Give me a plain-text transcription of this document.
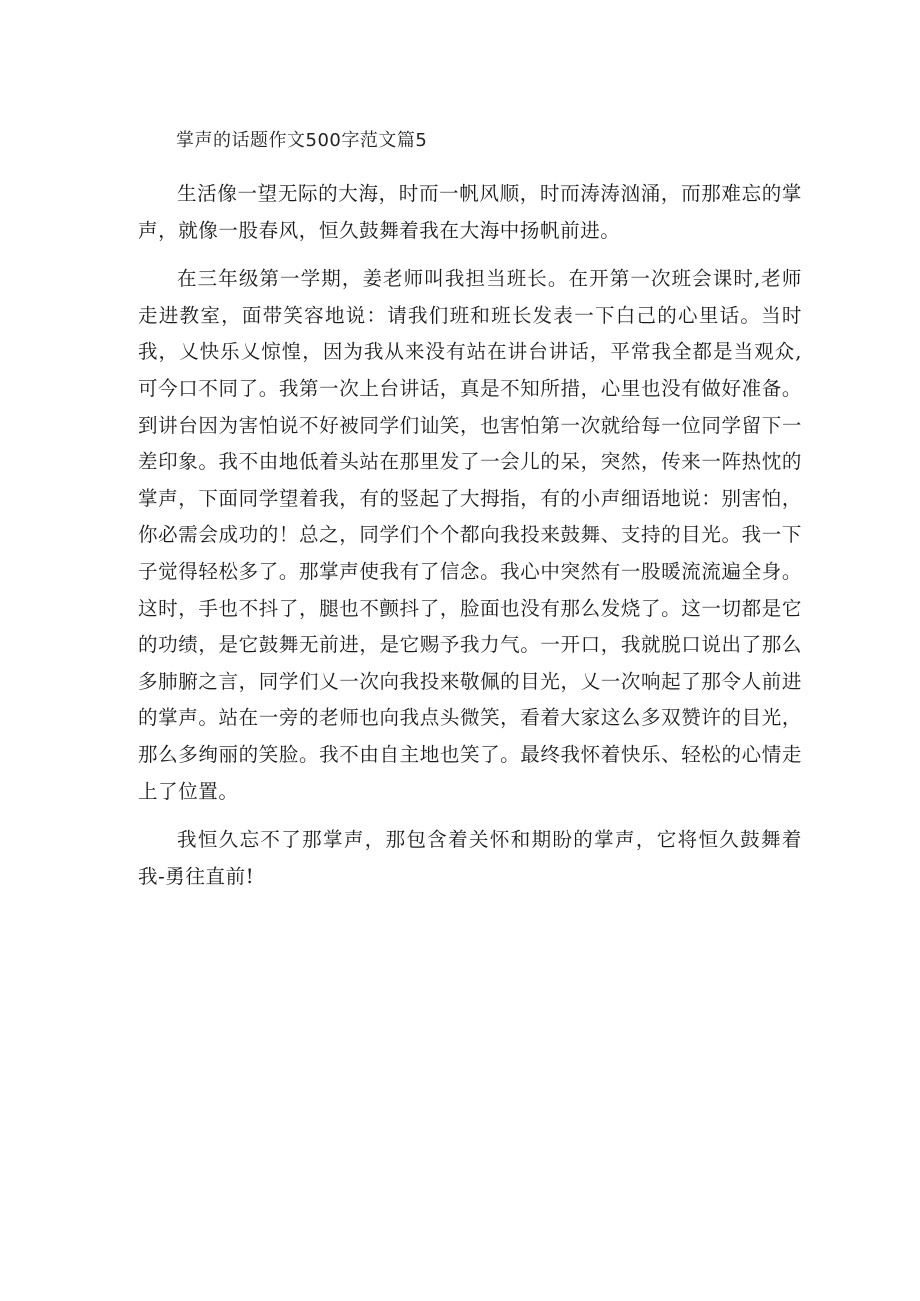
掌声的话题作文500字范文篇5

生活像一望无际的大海，时而一帆风顺，时而涛涛汹涌，而那难忘的掌声，就像一股春风，恒久鼓舞着我在大海中扬帆前进。

在三年级第一学期，姜老师叫我担当班长。在开第一次班会课时,老师走进教室，面带笑容地说：请我们班和班长发表一下白己的心里话。当时我，乂快乐乂惊惶，因为我从来没有站在讲台讲话，平常我全都是当观众,可今口不同了。我第一次上台讲话，真是不知所措，心里也没有做好准备。到讲台因为害怕说不好被同学们讪笑，也害怕第一次就给每一位同学留下一差印象。我不由地低着头站在那里发了一会儿的呆，突然，传来一阵热忱的掌声，下面同学望着我，有的竖起了大拇指，有的小声细语地说：别害怕，你必需会成功的！总之，同学们个个都向我投来鼓舞、支持的目光。我一下子觉得轻松多了。那掌声使我有了信念。我心中突然有一股暖流流遍全身。这时，手也不抖了，腿也不颤抖了，脸面也没有那么发烧了。这一切都是它的功绩，是它鼓舞无前进，是它赐予我力气。一开口，我就脱口说出了那么多肺腑之言，同学们乂一次向我投来敬佩的目光，乂一次响起了那令人前进的掌声。站在一旁的老师也向我点头微笑，看着大家这么多双赞许的目光，那么多绚丽的笑脸。我不由自主地也笑了。最终我怀着快乐、轻松的心情走上了位置。

我恒久忘不了那掌声，那包含着关怀和期盼的掌声，它将恒久鼓舞着我-勇往直前!
